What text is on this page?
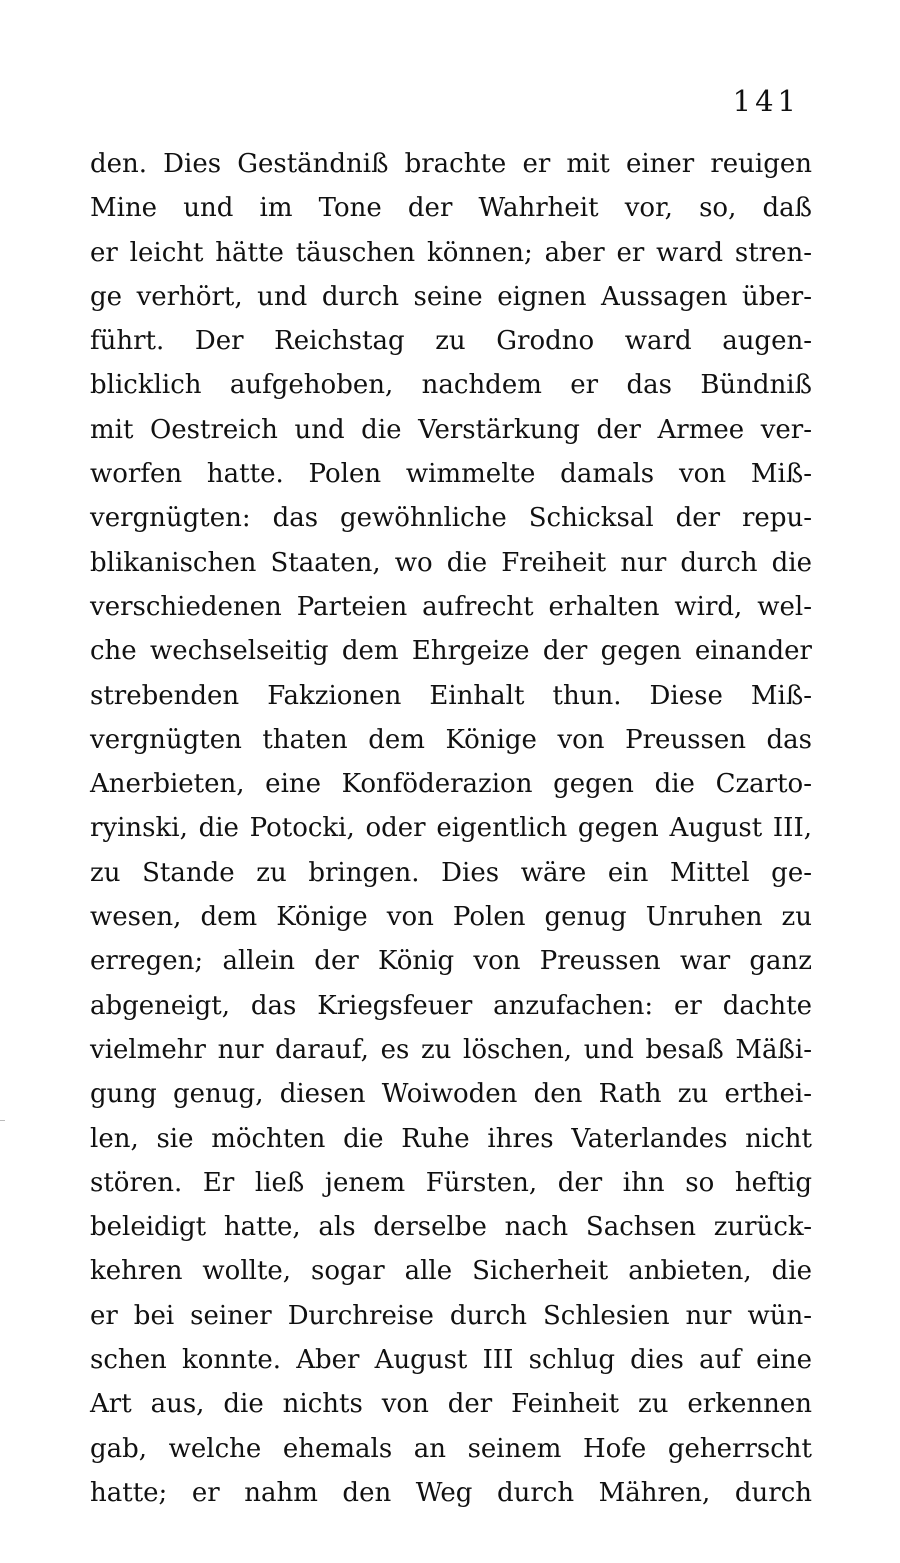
141
den. Dies Geständniß brachte er mit einer reuigen
Mine und im Tone der Wahrheit vor, so, daß
er leicht hätte täuschen können; aber er ward stren-
ge verhört, und durch seine eignen Aussagen über-
führt. Der Reichstag zu Grodno ward augen-
blicklich aufgehoben, nachdem er das Bündniß
mit Oestreich und die Verstärkung der Armee ver-
worfen hatte. Polen wimmelte damals von Miß-
vergnügten: das gewöhnliche Schicksal der repu-
blikanischen Staaten, wo die Freiheit nur durch die
verschiedenen Parteien aufrecht erhalten wird, wel-
che wechselseitig dem Ehrgeize der gegen einander
strebenden Fakzionen Einhalt thun. Diese Miß-
vergnügten thaten dem Könige von Preussen das
Anerbieten, eine Konföderazion gegen die Czarto-
ryinski, die Potocki, oder eigentlich gegen August III,
zu Stande zu bringen. Dies wäre ein Mittel ge-
wesen, dem Könige von Polen genug Unruhen zu
erregen; allein der König von Preussen war ganz
abgeneigt, das Kriegsfeuer anzufachen: er dachte
vielmehr nur darauf, es zu löschen, und besaß Mäßi-
gung genug, diesen Woiwoden den Rath zu erthei-
len, sie möchten die Ruhe ihres Vaterlandes nicht
stören. Er ließ jenem Fürsten, der ihn so heftig
beleidigt hatte, als derselbe nach Sachsen zurück-
kehren wollte, sogar alle Sicherheit anbieten, die
er bei seiner Durchreise durch Schlesien nur wün-
schen konnte. Aber August III schlug dies auf eine
Art aus, die nichts von der Feinheit zu erkennen
gab, welche ehemals an seinem Hofe geherrscht
hatte; er nahm den Weg durch Mähren, durch
